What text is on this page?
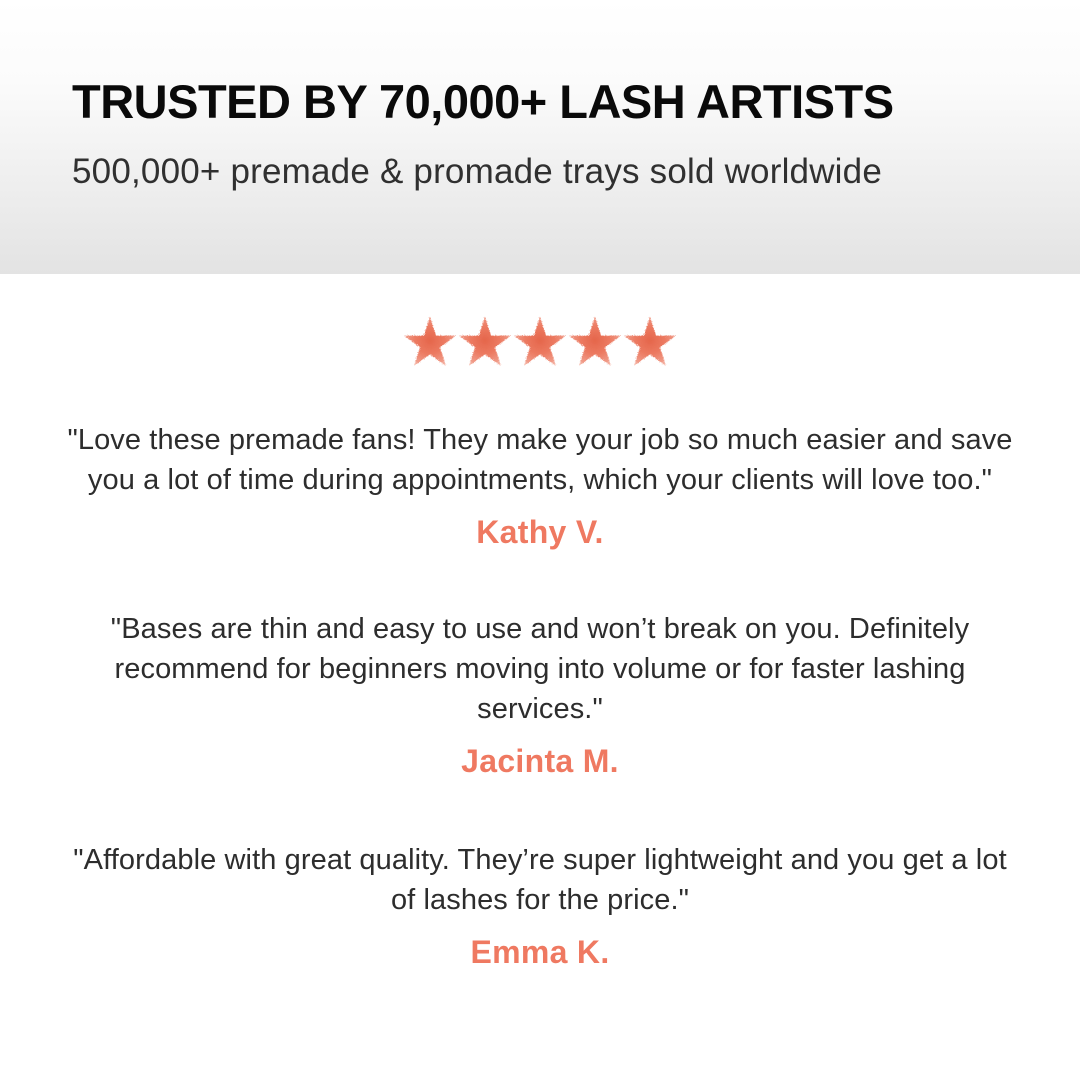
TRUSTED BY 70,000+ LASH ARTISTS

500,000+ premade & promade trays sold worldwide

"Love these premade fans! They make your job so much easier and save you a lot of time during appointments, which your clients will love too."
Kathy V.
"Bases are thin and easy to use and won’t break on you. Definitely recommend for beginners moving into volume or for faster lashing services."
Jacinta M.
"Affordable with great quality. They’re super lightweight and you get a lot of lashes for the price."
Emma K.
